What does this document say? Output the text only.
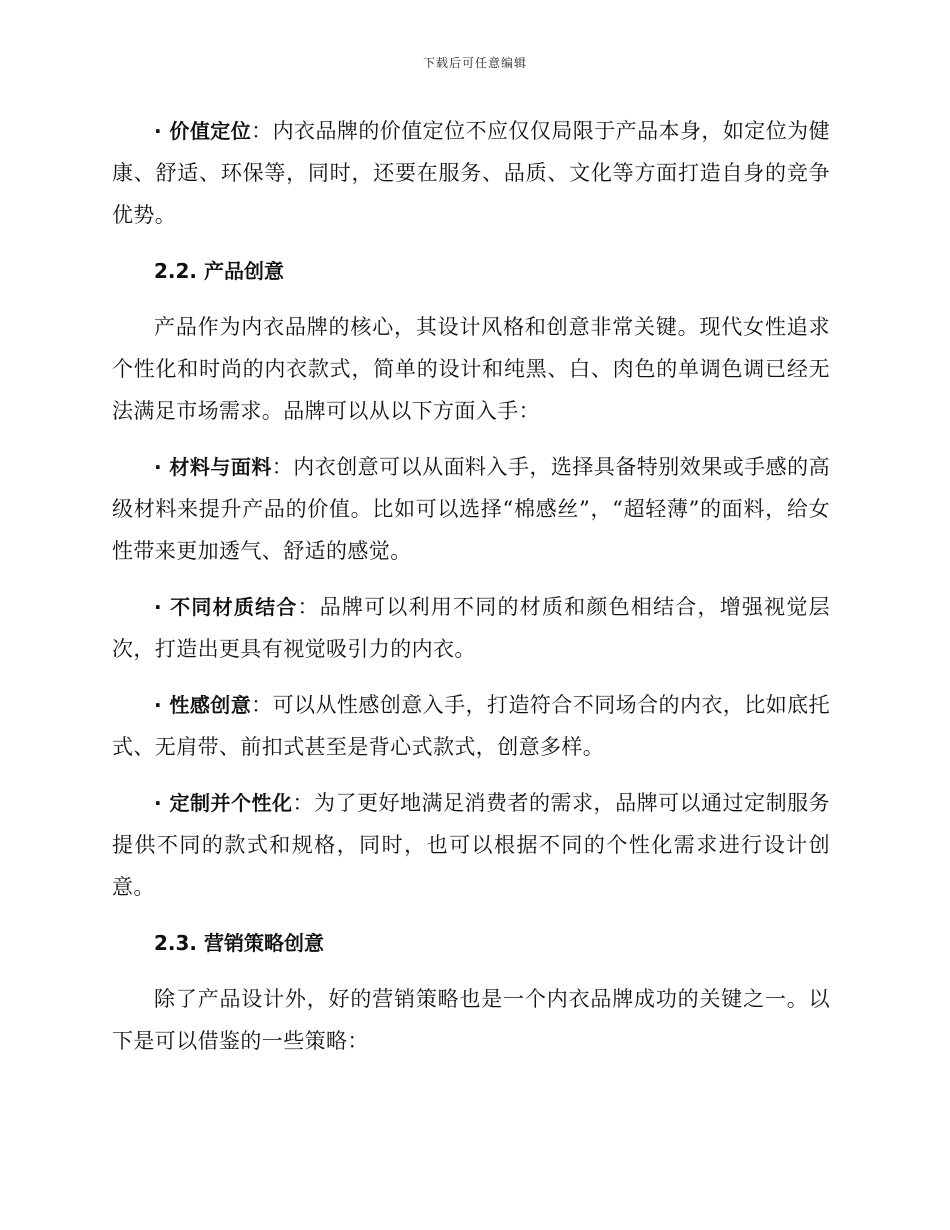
下载后可任意编辑

· 价值定位：内衣品牌的价值定位不应仅仅局限于产品本身，如定位为健康、舒适、环保等，同时，还要在服务、品质、文化等方面打造自身的竞争优势。

2.2. 产品创意

产品作为内衣品牌的核心，其设计风格和创意非常关键。现代女性追求个性化和时尚的内衣款式，简单的设计和纯黑、白、肉色的单调色调已经无法满足市场需求。品牌可以从以下方面入手：

· 材料与面料：内衣创意可以从面料入手，选择具备特别效果或手感的高级材料来提升产品的价值。比如可以选择“棉感丝”，“超轻薄”的面料，给女性带来更加透气、舒适的感觉。

· 不同材质结合：品牌可以利用不同的材质和颜色相结合，增强视觉层次，打造出更具有视觉吸引力的内衣。

· 性感创意：可以从性感创意入手，打造符合不同场合的内衣，比如底托式、无肩带、前扣式甚至是背心式款式，创意多样。

· 定制并个性化：为了更好地满足消费者的需求，品牌可以通过定制服务提供不同的款式和规格，同时，也可以根据不同的个性化需求进行设计创意。

2.3. 营销策略创意

除了产品设计外，好的营销策略也是一个内衣品牌成功的关键之一。以下是可以借鉴的一些策略：
